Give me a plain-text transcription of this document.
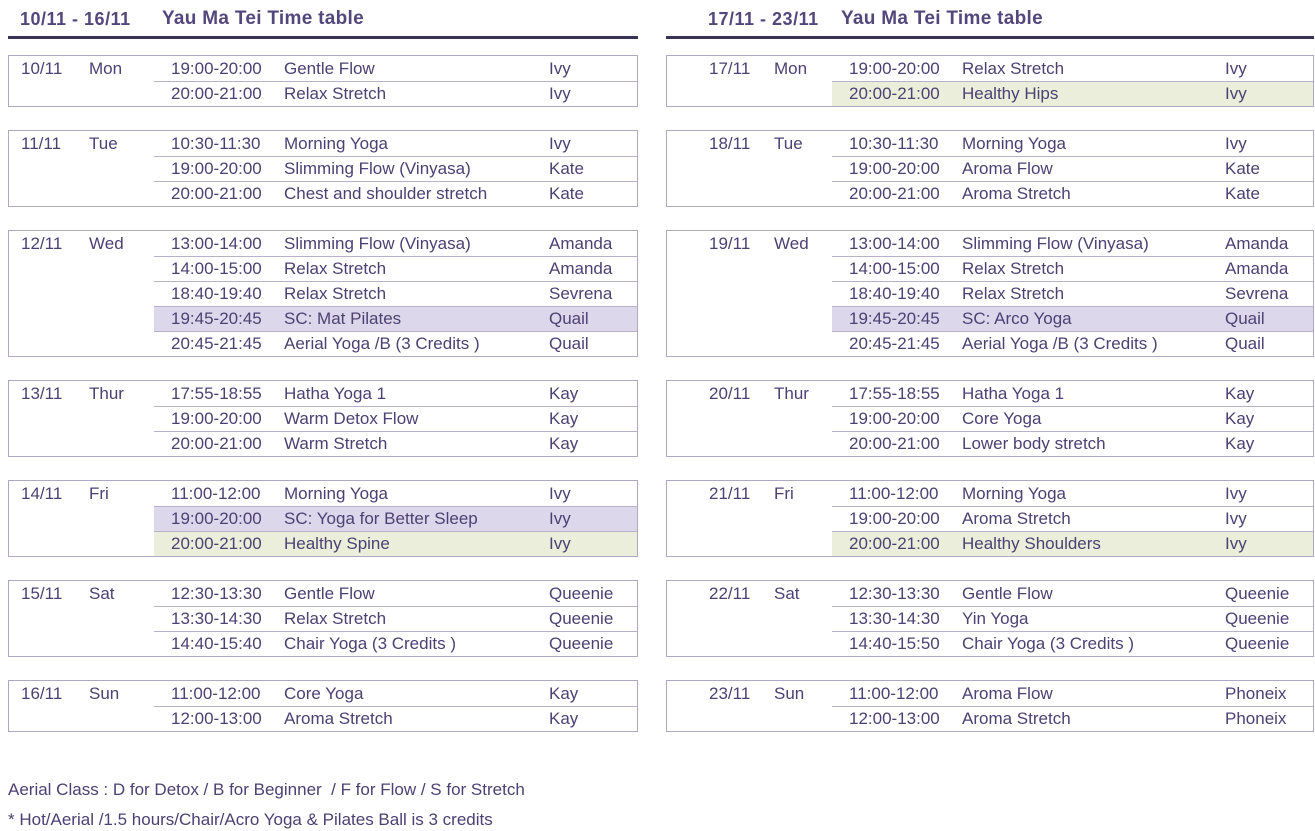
10/11 - 16/11	Yau Ma Tei Time table
10/11	Mon	19:00-20:00	Gentle Flow	Ivy
20:00-21:00	Relax Stretch	Ivy
11/11	Tue	10:30-11:30	Morning Yoga	Ivy
19:00-20:00	Slimming Flow (Vinyasa)	Kate
20:00-21:00	Chest and shoulder stretch	Kate
12/11	Wed	13:00-14:00	Slimming Flow (Vinyasa)	Amanda
14:00-15:00	Relax Stretch	Amanda
18:40-19:40	Relax Stretch	Sevrena
19:45-20:45	SC: Mat Pilates	Quail
20:45-21:45	Aerial Yoga /B (3 Credits )	Quail
13/11	Thur	17:55-18:55	Hatha Yoga 1	Kay
19:00-20:00	Warm Detox Flow	Kay
20:00-21:00	Warm Stretch	Kay
14/11	Fri	11:00-12:00	Morning Yoga	Ivy
19:00-20:00	SC: Yoga for Better Sleep	Ivy
20:00-21:00	Healthy Spine	Ivy
15/11	Sat	12:30-13:30	Gentle Flow	Queenie
13:30-14:30	Relax Stretch	Queenie
14:40-15:40	Chair Yoga (3 Credits )	Queenie
16/11	Sun	11:00-12:00	Core Yoga	Kay
12:00-13:00	Aroma Stretch	Kay
17/11 - 23/11	Yau Ma Tei Time table
17/11	Mon	19:00-20:00	Relax Stretch	Ivy
20:00-21:00	Healthy Hips	Ivy
18/11	Tue	10:30-11:30	Morning Yoga	Ivy
19:00-20:00	Aroma Flow	Kate
20:00-21:00	Aroma Stretch	Kate
19/11	Wed	13:00-14:00	Slimming Flow (Vinyasa)	Amanda
14:00-15:00	Relax Stretch	Amanda
18:40-19:40	Relax Stretch	Sevrena
19:45-20:45	SC: Arco Yoga	Quail
20:45-21:45	Aerial Yoga /B (3 Credits )	Quail
20/11	Thur	17:55-18:55	Hatha Yoga 1	Kay
19:00-20:00	Core Yoga	Kay
20:00-21:00	Lower body stretch	Kay
21/11	Fri	11:00-12:00	Morning Yoga	Ivy
19:00-20:00	Aroma Stretch	Ivy
20:00-21:00	Healthy Shoulders	Ivy
22/11	Sat	12:30-13:30	Gentle Flow	Queenie
13:30-14:30	Yin Yoga	Queenie
14:40-15:50	Chair Yoga (3 Credits )	Queenie
23/11	Sun	11:00-12:00	Aroma Flow	Phoneix
12:00-13:00	Aroma Stretch	Phoneix

Aerial Class : D for Detox / B for Beginner  / F for Flow / S for Stretch

* Hot/Aerial /1.5 hours/Chair/Acro Yoga & Pilates Ball is 3 credits
